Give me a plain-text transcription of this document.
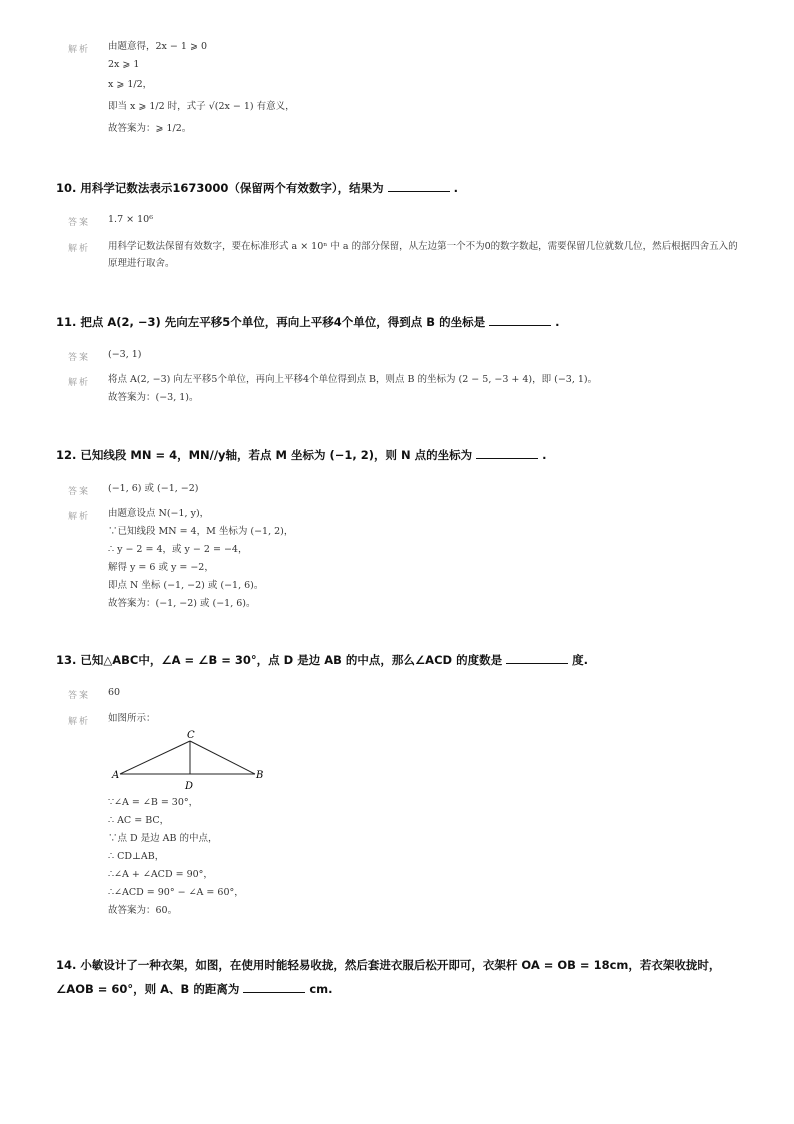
解析 由题意得，2x − 1 ⩾ 0
2x ⩾ 1
x ⩾ 1/2，
即当 x ⩾ 1/2 时，式子 √(2x − 1) 有意义，
故答案为：⩾ 1/2。
10. 用科学记数法表示1673000（保留两个有效数字），结果为	.
答案 1.7 × 10⁶
解析 用科学记数法保留有效数字，要在标准形式 a × 10ⁿ 中 a 的部分保留，从左边第一个不为0的数字数起，需要保留几位就数几位，然后根据四舍五入的原理进行取舍。
11. 把点 A(2, −3) 先向左平移5个单位，再向上平移4个单位，得到点 B 的坐标是	.
答案 (−3, 1)
解析 将点 A(2, −3) 向左平移5个单位，再向上平移4个单位得到点 B，则点 B 的坐标为 (2 − 5, −3 + 4)，即 (−3, 1)。
故答案为：(−3, 1)。
12. 已知线段 MN = 4，MN//y轴，若点 M 坐标为 (−1, 2)，则 N 点的坐标为	.
答案 (−1, 6) 或 (−1, −2)
解析 由题意设点 N(−1, y)，
∵已知线段 MN = 4，M 坐标为 (−1, 2)，
∴ y − 2 = 4，或 y − 2 = −4，
解得 y = 6 或 y = −2，
即点 N 坐标 (−1, −2) 或 (−1, 6)。
故答案为：(−1, −2) 或 (−1, 6)。
13. 已知△ABC中，∠A = ∠B = 30°，点 D 是边 AB 的中点，那么∠ACD 的度数是	度.
答案 60
解析 如图所示：
A	B
C
D
∵∠A = ∠B = 30°，
∴ AC = BC，
∵点 D 是边 AB 的中点，
∴ CD⊥AB，
∴∠A + ∠ACD = 90°，
∴∠ACD = 90° − ∠A = 60°，
故答案为：60。
14. 小敏设计了一种衣架，如图，在使用时能轻易收拢，然后套进衣服后松开即可，衣架杆 OA = OB = 18cm，若衣架收拢时，∠AOB = 60°，则 A、B 的距离为	cm.
